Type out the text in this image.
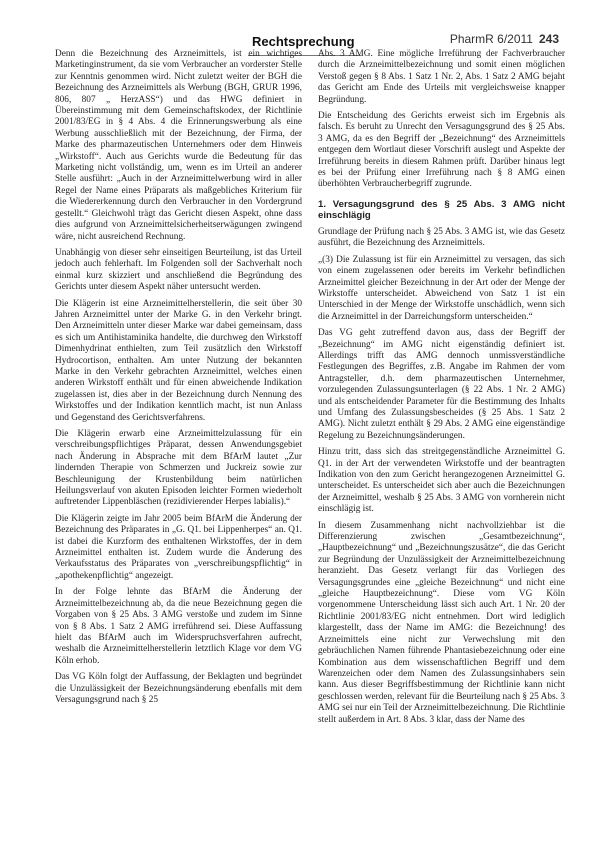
Rechtsprechung	PharmR 6/2011 243

Denn die Bezeichnung des Arzneimittels, ist ein wichtiges Marketinginstrument, da sie vom Verbraucher an vorderster Stelle zur Kenntnis genommen wird. Nicht zuletzt weiter der BGH die Bezeichnung des Arzneimittels als Werbung (BGH, GRUR 1996, 806, 807 „ HerzASS“) und das HWG definiert in Übereinstimmung mit dem Gemeinschaftskodex, der Richtlinie 2001/83/EG in § 4 Abs. 4 die Erinnerungswerbung als eine Werbung ausschließlich mit der Bezeichnung, der Firma, der Marke des pharmazeutischen Unternehmers oder dem Hinweis „Wirkstoff“. Auch aus Gerichts wurde die Bedeutung für das Marketing nicht vollständig, um, wenn es im Urteil an anderer Stelle ausführt: „Auch in der Arzneimittelwerbung wird in aller Regel der Name eines Präparats als maßgebliches Kriterium für die Wiedererkennung durch den Verbraucher in den Vordergrund gestellt.“ Gleichwohl trägt das Gericht diesen Aspekt, ohne dass dies aufgrund von Arzneimittelsicherheitserwägungen zwingend wäre, nicht ausreichend Rechnung.

Unabhängig von dieser sehr einseitigen Beurteilung, ist das Urteil jedoch auch fehlerhaft. Im Folgenden soll der Sachverhalt noch einmal kurz skizziert und anschließend die Begründung des Gerichts unter diesem Aspekt näher untersucht werden.

Die Klägerin ist eine Arzneimittelherstellerin, die seit über 30 Jahren Arzneimittel unter der Marke G. in den Verkehr bringt. Den Arzneimitteln unter dieser Marke war dabei gemeinsam, dass es sich um Antihistaminika handelte, die durchweg den Wirkstoff Dimenhydrinat enthielten, zum Teil zusätzlich den Wirkstoff Hydrocortison, enthalten. Am unter Nutzung der bekannten Marke in den Verkehr gebrachten Arzneimittel, welches einen anderen Wirkstoff enthält und für einen abweichende Indikation zugelassen ist, dies aber in der Bezeichnung durch Nennung des Wirkstoffes und der Indikation kenntlich macht, ist nun Anlass und Gegenstand des Gerichtsverfahrens.

Die Klägerin erwarb eine Arzneimittelzulassung für ein verschreibungspflichtiges Präparat, dessen Anwendungsgebiet nach Änderung in Absprache mit dem BfArM lautet „Zur lindernden Therapie von Schmerzen und Juckreiz sowie zur Beschleunigung der Krustenbildung beim natürlichen Heilungsverlauf von akuten Episoden leichter Formen wiederholt auftretender Lippenbläschen (rezidivierender Herpes labialis).“

Die Klägerin zeigte im Jahr 2005 beim BfArM die Änderung der Bezeichnung des Präparates in „G. Q1. bei Lippenherpes“ an. Q1. ist dabei die Kurzform des enthaltenen Wirkstoffes, der in dem Arzneimittel enthalten ist. Zudem wurde die Änderung des Verkaufsstatus des Präparates von „verschreibungspflichtig“ in „apothekenpflichtig“ angezeigt.

In der Folge lehnte das BfArM die Änderung der Arzneimittelbezeichnung ab, da die neue Bezeichnung gegen die Vorgaben von § 25 Abs. 3 AMG verstoße und zudem im Sinne von § 8 Abs. 1 Satz 2 AMG irreführend sei. Diese Auffassung hielt das BfArM auch im Widerspruchsverfahren aufrecht, weshalb die Arzneimittelherstellerin letztlich Klage vor dem VG Köln erhob.

Das VG Köln folgt der Auffassung, der Beklagten und begründet die Unzulässigkeit der Bezeichnungsänderung ebenfalls mit dem Versagungsgrund nach § 25

Abs. 3 AMG. Eine mögliche Irreführung der Fachverbraucher durch die Arzneimittelbezeichnung und somit einen möglichen Verstoß gegen § 8 Abs. 1 Satz 1 Nr. 2, Abs. 1 Satz 2 AMG bejaht das Gericht am Ende des Urteils mit vergleichsweise knapper Begründung.

Die Entscheidung des Gerichts erweist sich im Ergebnis als falsch. Es beruht zu Unrecht den Versagungsgrund des § 25 Abs. 3 AMG, da es den Begriff der „Bezeichnung“ des Arzneimittels entgegen dem Wortlaut dieser Vorschrift auslegt und Aspekte der Irreführung bereits in diesem Rahmen prüft. Darüber hinaus legt es bei der Prüfung einer Irreführung nach § 8 AMG einen überhöhten Verbraucherbegriff zugrunde.

1. Versagungsgrund des § 25 Abs. 3 AMG nicht einschlägig

Grundlage der Prüfung nach § 25 Abs. 3 AMG ist, wie das Gesetz ausführt, die Bezeichnung des Arzneimittels.

„(3) Die Zulassung ist für ein Arzneimittel zu versagen, das sich von einem zugelassenen oder bereits im Verkehr befindlichen Arzneimittel gleicher Bezeichnung in der Art oder der Menge der Wirkstoffe unterscheidet. Abweichend von Satz 1 ist ein Unterschied in der Menge der Wirkstoffe unschädlich, wenn sich die Arzneimittel in der Darreichungsform unterscheiden.“

Das VG geht zutreffend davon aus, dass der Begriff der „Bezeichnung“ im AMG nicht eigenständig definiert ist. Allerdings trifft das AMG dennoch unmissverständliche Festlegungen des Begriffes, z.B. Angabe im Rahmen der vom Antragsteller, d.h. dem pharmazeutischen Unternehmer, vorzulegenden Zulassungsunterlagen (§ 22 Abs. 1 Nr. 2 AMG) und als entscheidender Parameter für die Bestimmung des Inhalts und Umfang des Zulassungsbescheides (§ 25 Abs. 1 Satz 2 AMG). Nicht zuletzt enthält § 29 Abs. 2 AMG eine eigenständige Regelung zu Bezeichnungsänderungen.

Hinzu tritt, dass sich das streitgegenständliche Arzneimittel G. Q1. in der Art der verwendeten Wirkstoffe und der beantragten Indikation von den zum Gericht herangezogenen Arzneimittel G. unterscheidet. Es unterscheidet sich aber auch die Bezeichnungen der Arzneimittel, weshalb § 25 Abs. 3 AMG von vornherein nicht einschlägig ist.

In diesem Zusammenhang nicht nachvollziehbar ist die Differenzierung zwischen „Gesamtbezeichnung“, „Hauptbezeichnung“ und „Bezeichnungszusätze“, die das Gericht zur Begründung der Unzulässigkeit der Arzneimittelbezeichnung heranzieht. Das Gesetz verlangt für das Vorliegen des Versagungsgrundes eine „gleiche Bezeichnung“ und nicht eine „gleiche Hauptbezeichnung“. Diese vom VG Köln vorgenommene Unterscheidung lässt sich auch Art. 1 Nr. 20 der Richtlinie 2001/83/EG nicht entnehmen. Dort wird lediglich klargestellt, dass der Name im AMG: die Bezeichnung! des Arzneimittels eine nicht zur Verwechslung mit den gebräuchlichen Namen führende Phantasiebezeichnung oder eine Kombination aus dem wissenschaftlichen Begriff und dem Warenzeichen oder dem Namen des Zulassungsinhabers sein kann. Aus dieser Begriffsbestimmung der Richtlinie kann nicht geschlossen werden, relevant für die Beurteilung nach § 25 Abs. 3 AMG sei nur ein Teil der Arzneimittelbezeichnung. Die Richtlinie stellt außerdem in Art. 8 Abs. 3 klar, dass der Name des
